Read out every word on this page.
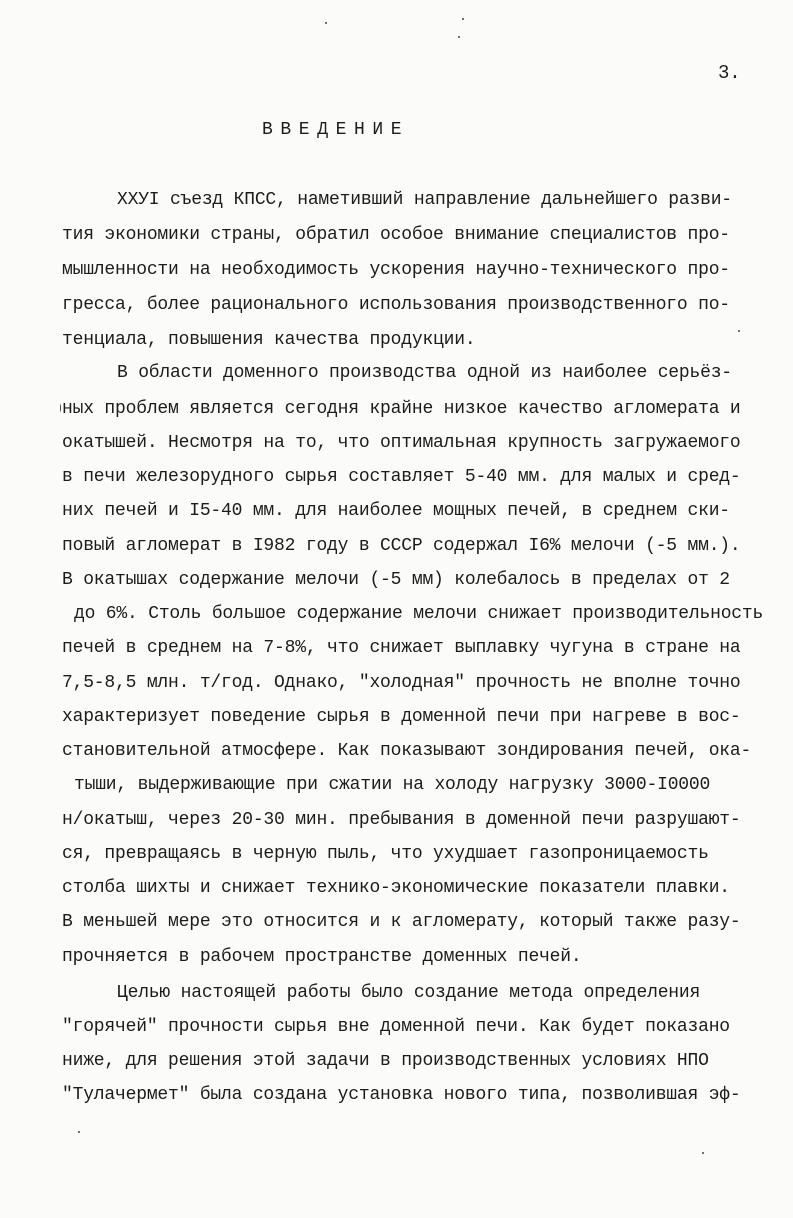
3.
ВВЕДЕНИЕ
ХХУI съезд КПСС, наметивший направление дальнейшего разви-
тия экономики страны, обратил особое внимание специалистов про-
мышленности на необходимость ускорения научно-технического про-
гресса, более рационального использования производственного по-
тенциала, повышения качества продукции.
В области доменного производства одной из наиболее серьёз-
ных проблем является сегодня крайне низкое качество агломерата и
окатышей. Несмотря на то, что оптимальная крупность загружаемого
в печи железорудного сырья составляет 5-40 мм. для малых и сред-
них печей и I5-40 мм. для наиболее мощных печей, в среднем ски-
повый агломерат в I982 году в СССР содержал I6% мелочи (-5 мм.).
В окатышах содержание мелочи (-5 мм) колебалось в пределах от 2
до 6%. Столь большое содержание мелочи снижает производительность
печей в среднем на 7-8%, что снижает выплавку чугуна в стране на
7,5-8,5 млн. т/год. Однако, "холодная" прочность не вполне точно
характеризует поведение сырья в доменной печи при нагреве в вос-
становительной атмосфере. Как показывают зондирования печей, ока-
тыши, выдерживающие при сжатии на холоду нагрузку 3000-I0000
н/окатыш, через 20-30 мин. пребывания в доменной печи разрушают-
ся, превращаясь в черную пыль, что ухудшает газопроницаемость
столба шихты и снижает технико-экономические показатели плавки.
В меньшей мере это относится и к агломерату, который также разу-
прочняется в рабочем пространстве доменных печей.
Целью настоящей работы было создание метода определения
"горячей" прочности сырья вне доменной печи. Как будет показано
ниже, для решения этой задачи в производственных условиях НПО
"Тулачермет" была создана установка нового типа, позволившая эф-
